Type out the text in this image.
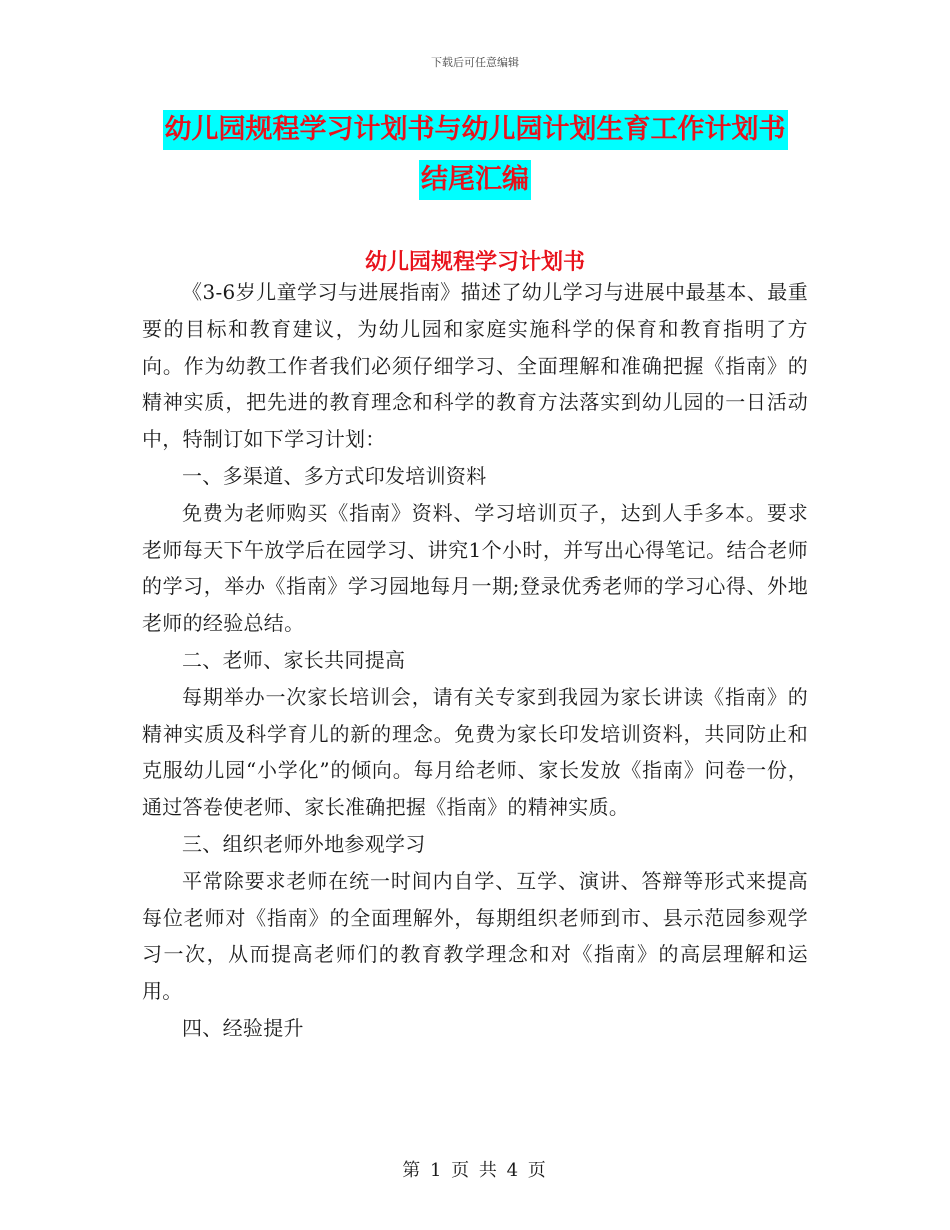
下载后可任意编辑
幼儿园规程学习计划书与幼儿园计划生育工作计划书
结尾汇编
幼儿园规程学习计划书

《3-6岁儿童学习与进展指南》描述了幼儿学习与进展中最基本、最重要的目标和教育建议，为幼儿园和家庭实施科学的保育和教育指明了方向。作为幼教工作者我们必须仔细学习、全面理解和准确把握《指南》的精神实质，把先进的教育理念和科学的教育方法落实到幼儿园的一日活动中，特制订如下学习计划：

一、多渠道、多方式印发培训资料

免费为老师购买《指南》资料、学习培训页子，达到人手多本。要求老师每天下午放学后在园学习、讲究1个小时，并写出心得笔记。结合老师的学习，举办《指南》学习园地每月一期;登录优秀老师的学习心得、外地老师的经验总结。

二、老师、家长共同提高

每期举办一次家长培训会，请有关专家到我园为家长讲读《指南》的精神实质及科学育儿的新的理念。免费为家长印发培训资料，共同防止和克服幼儿园“小学化”的倾向。每月给老师、家长发放《指南》问卷一份，通过答卷使老师、家长准确把握《指南》的精神实质。

三、组织老师外地参观学习

平常除要求老师在统一时间内自学、互学、演讲、答辩等形式来提高每位老师对《指南》的全面理解外，每期组织老师到市、县示范园参观学习一次，从而提高老师们的教育教学理念和对《指南》的高层理解和运用。

四、经验提升

第 1 页 共 4 页
